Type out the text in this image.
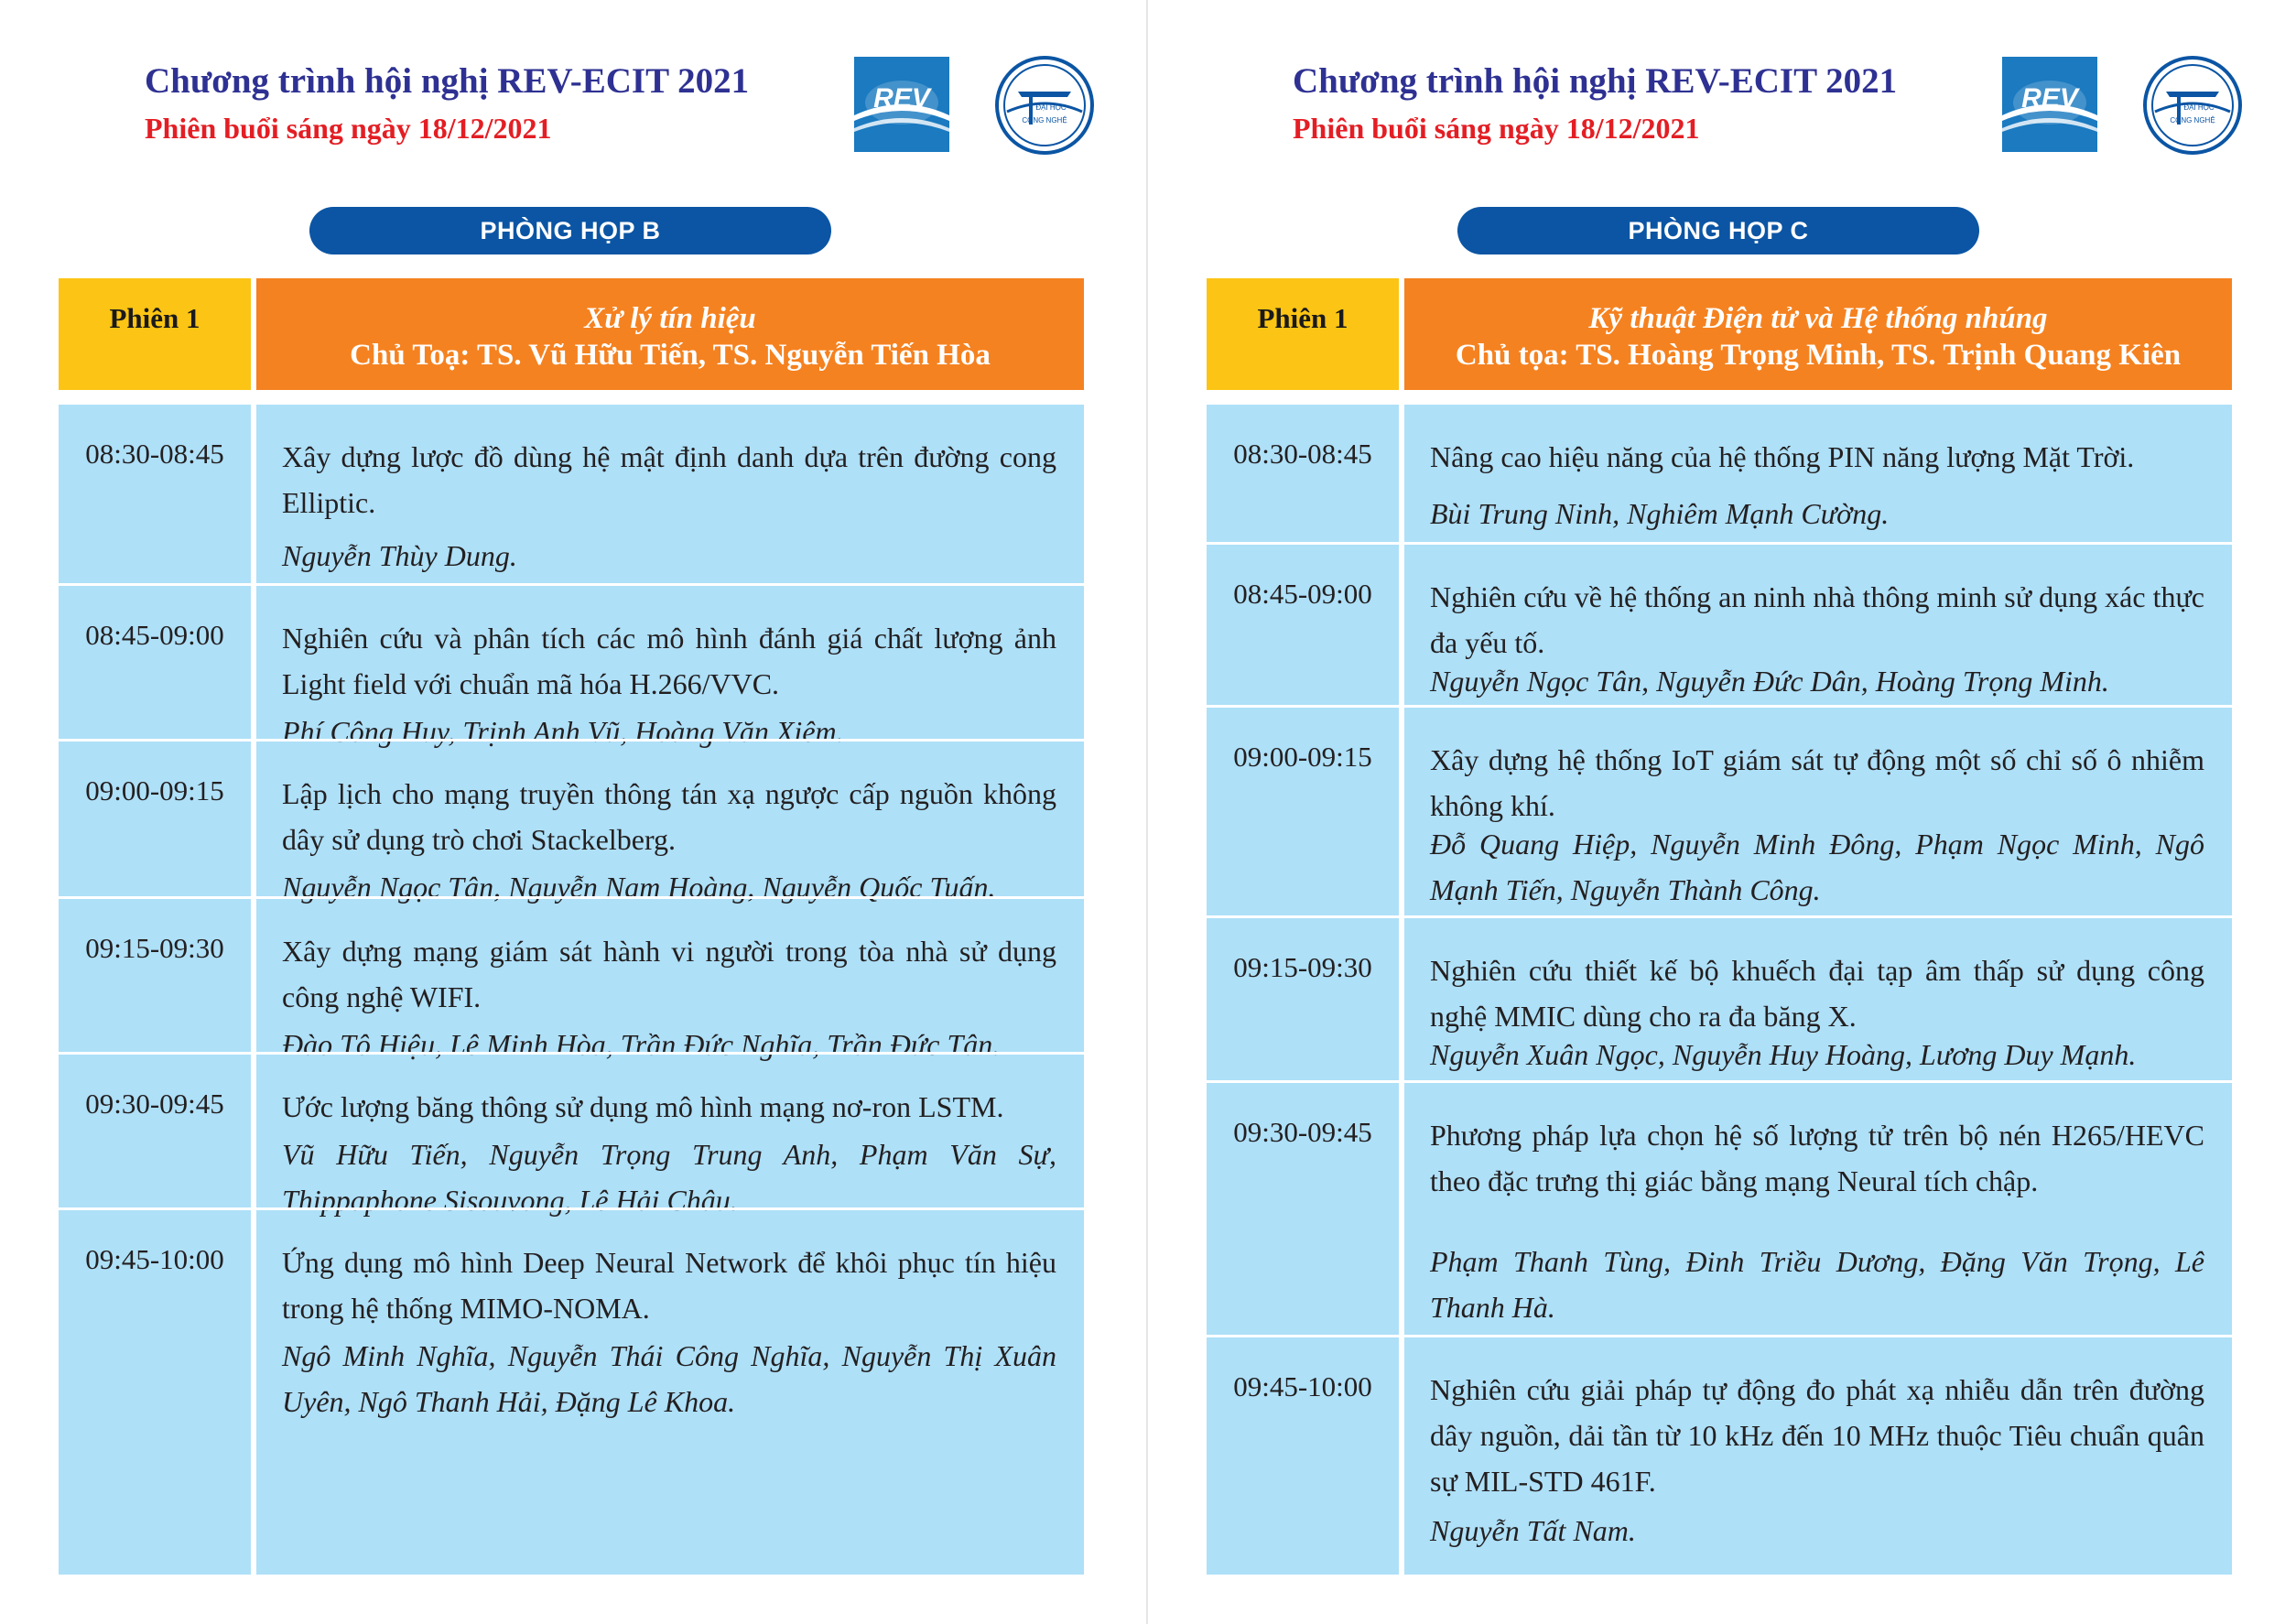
Chương trình hội nghị REV-ECIT 2021
Phiên buổi sáng ngày 18/12/2021
REV	ĐẠI HỌC
CÔNG NGHỆ
PHÒNG HỌP B
Phiên 1	Xử lý tín hiệu
Chủ Toạ: TS. Vũ Hữu Tiến, TS. Nguyễn Tiến Hòa
08:30-08:45	Xây dựng lược đồ dùng hệ mật định danh dựa trên đường cong Elliptic.
Nguyễn Thùy Dung.
08:45-09:00	Nghiên cứu và phân tích các mô hình đánh giá chất lượng ảnh Light field với chuẩn mã hóa H.266/VVC.
Phí Công Huy, Trịnh Anh Vũ, Hoàng Văn Xiêm.
09:00-09:15	Lập lịch cho mạng truyền thông tán xạ ngược cấp nguồn không dây sử dụng trò chơi Stackelberg.
Nguyễn Ngọc Tân, Nguyễn Nam Hoàng, Nguyễn Quốc Tuấn.
09:15-09:30	Xây dựng mạng giám sát hành vi người trong tòa nhà sử dụng công nghệ WIFI.
Đào Tô Hiệu, Lê Minh Hòa, Trần Đức Nghĩa, Trần Đức Tân.
09:30-09:45	Ước lượng băng thông sử dụng mô hình mạng nơ-ron LSTM.
Vũ Hữu Tiến, Nguyễn Trọng Trung Anh, Phạm Văn Sự, Thippaphone Sisouvong, Lê Hải Châu.
09:45-10:00	Ứng dụng mô hình Deep Neural Network để khôi phục tín hiệu trong hệ thống MIMO-NOMA.
Ngô Minh Nghĩa, Nguyễn Thái Công Nghĩa, Nguyễn Thị Xuân Uyên, Ngô Thanh Hải, Đặng Lê Khoa.
Chương trình hội nghị REV-ECIT 2021
Phiên buổi sáng ngày 18/12/2021
REV	ĐẠI HỌC
CÔNG NGHỆ
PHÒNG HỌP C
Phiên 1	Kỹ thuật Điện tử và Hệ thống nhúng
Chủ tọa: TS. Hoàng Trọng Minh, TS. Trịnh Quang Kiên
08:30-08:45	Nâng cao hiệu năng của hệ thống PIN năng lượng Mặt Trời.
Bùi Trung Ninh, Nghiêm Mạnh Cường.
08:45-09:00	Nghiên cứu về hệ thống an ninh nhà thông minh sử dụng xác thực đa yếu tố.
Nguyễn Ngọc Tân, Nguyễn Đức Dân, Hoàng Trọng Minh.
09:00-09:15	Xây dựng hệ thống IoT giám sát tự động một số chỉ số ô nhiễm không khí.
Đỗ Quang Hiệp, Nguyễn Minh Đông, Phạm Ngọc Minh, Ngô Mạnh Tiến, Nguyễn Thành Công.
09:15-09:30	Nghiên cứu thiết kế bộ khuếch đại tạp âm thấp sử dụng công nghệ MMIC dùng cho ra đa băng X.
Nguyễn Xuân Ngọc, Nguyễn Huy Hoàng, Lương Duy Mạnh.
09:30-09:45	Phương pháp lựa chọn hệ số lượng tử trên bộ nén H265/HEVC theo đặc trưng thị giác bằng mạng Neural tích chập.
Phạm Thanh Tùng, Đinh Triều Dương, Đặng Văn Trọng, Lê Thanh Hà.
09:45-10:00	Nghiên cứu giải pháp tự động đo phát xạ nhiễu dẫn trên đường dây nguồn, dải tần từ 10 kHz đến 10 MHz thuộc Tiêu chuẩn quân sự MIL-STD 461F.
Nguyễn Tất Nam.
